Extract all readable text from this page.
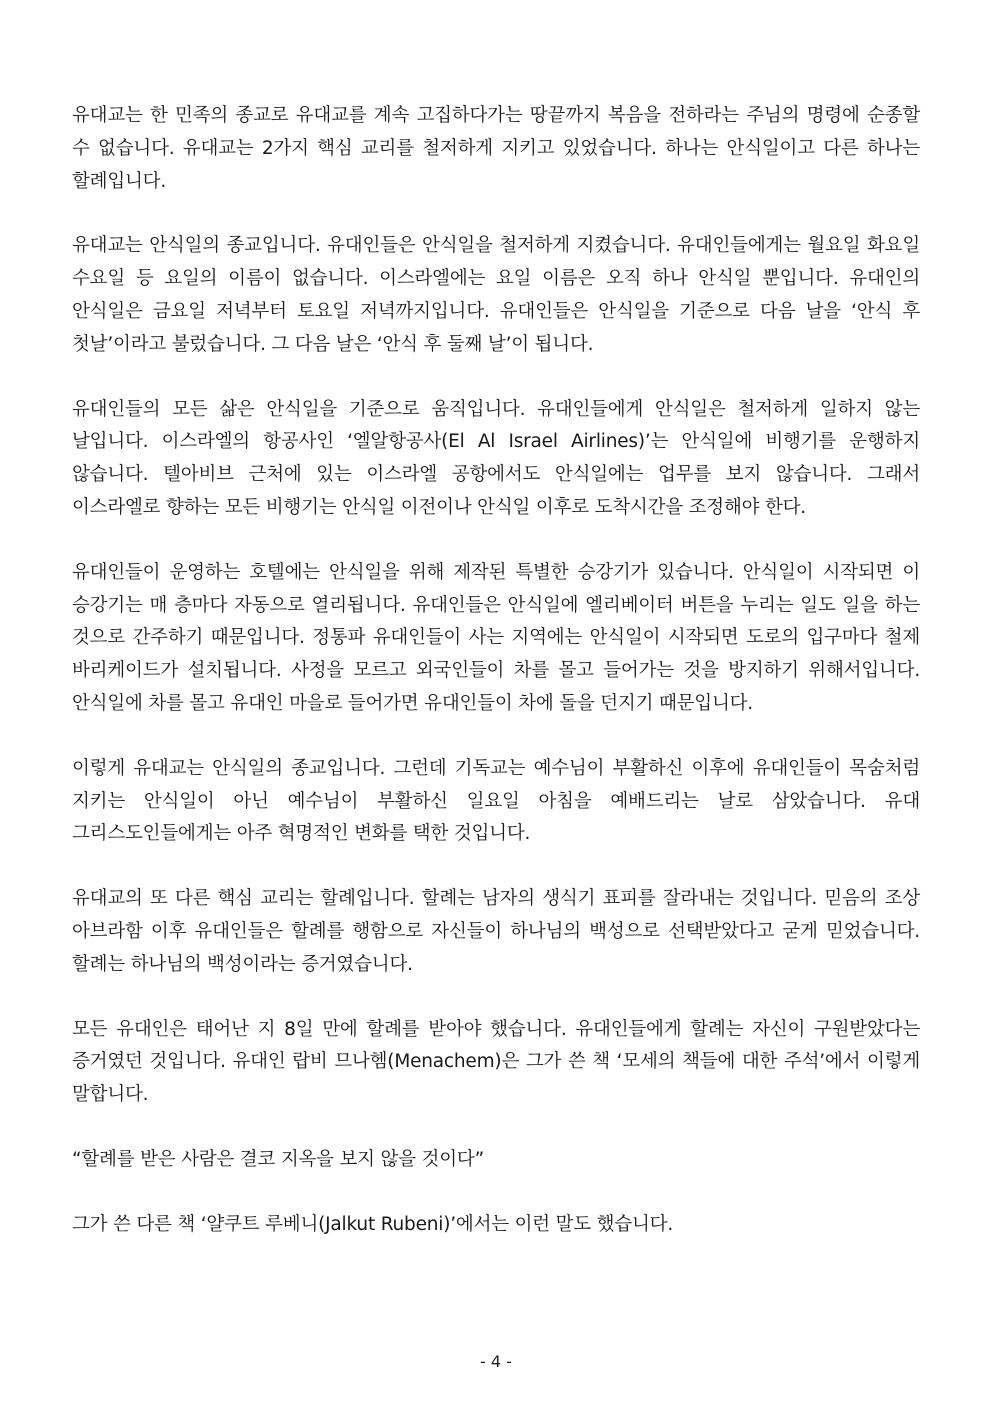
유대교는 한 민족의 종교로 유대교를 계속 고집하다가는 땅끝까지 복음을 전하라는 주님의 명령에 순종할 수 없습니다. 유대교는 2가지 핵심 교리를 철저하게 지키고 있었습니다. 하나는 안식일이고 다른 하나는 할례입니다.

유대교는 안식일의 종교입니다. 유대인들은 안식일을 철저하게 지켰습니다. 유대인들에게는 월요일 화요일 수요일 등 요일의 이름이 없습니다. 이스라엘에는 요일 이름은 오직 하나 안식일 뿐입니다. 유대인의 안식일은 금요일 저녁부터 토요일 저녁까지입니다. 유대인들은 안식일을 기준으로 다음 날을 ‘안식 후 첫날’이라고 불렀습니다. 그 다음 날은 ‘안식 후 둘째 날’이 됩니다.

유대인들의 모든 삶은 안식일을 기준으로 움직입니다. 유대인들에게 안식일은 철저하게 일하지 않는 날입니다. 이스라엘의 항공사인 ‘엘알항공사(El Al Israel Airlines)’는 안식일에 비행기를 운행하지 않습니다. 텔아비브 근처에 있는 이스라엘 공항에서도 안식일에는 업무를 보지 않습니다. 그래서 이스라엘로 향하는 모든 비행기는 안식일 이전이나 안식일 이후로 도착시간을 조정해야 한다.

유대인들이 운영하는 호텔에는 안식일을 위해 제작된 특별한 승강기가 있습니다. 안식일이 시작되면 이 승강기는 매 층마다 자동으로 열리됩니다. 유대인들은 안식일에 엘리베이터 버튼을 누리는 일도 일을 하는 것으로 간주하기 때문입니다. 정통파 유대인들이 사는 지역에는 안식일이 시작되면 도로의 입구마다 철제 바리케이드가 설치됩니다. 사정을 모르고 외국인들이 차를 몰고 들어가는 것을 방지하기 위해서입니다. 안식일에 차를 몰고 유대인 마을로 들어가면 유대인들이 차에 돌을 던지기 때문입니다.

이렇게 유대교는 안식일의 종교입니다. 그런데 기독교는 예수님이 부활하신 이후에 유대인들이 목숨처럼 지키는 안식일이 아닌 예수님이 부활하신 일요일 아침을 예배드리는 날로 삼았습니다. 유대 그리스도인들에게는 아주 혁명적인 변화를 택한 것입니다.

유대교의 또 다른 핵심 교리는 할례입니다. 할례는 남자의 생식기 표피를 잘라내는 것입니다. 믿음의 조상 아브라함 이후 유대인들은 할례를 행함으로 자신들이 하나님의 백성으로 선택받았다고 굳게 믿었습니다. 할례는 하나님의 백성이라는 증거였습니다.

모든 유대인은 태어난 지 8일 만에 할례를 받아야 했습니다. 유대인들에게 할례는 자신이 구원받았다는 증거였던 것입니다. 유대인 랍비 므나헴(Menachem)은 그가 쓴 책 ‘모세의 책들에 대한 주석’에서 이렇게 말합니다.

“할례를 받은 사람은 결코 지옥을 보지 않을 것이다”

그가 쓴 다른 책 ‘얄쿠트 루베니(Jalkut Rubeni)’에서는 이런 말도 했습니다.

- 4 -
